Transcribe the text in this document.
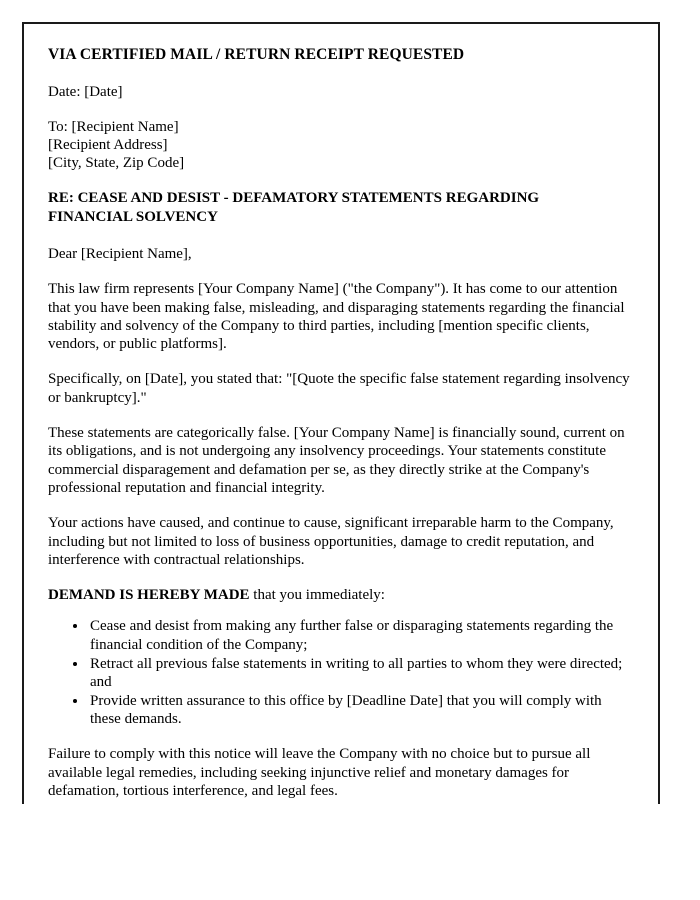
VIA CERTIFIED MAIL / RETURN RECEIPT REQUESTED
Date: [Date]
To: [Recipient Name]
[Recipient Address]
[City, State, Zip Code]
RE: CEASE AND DESIST - DEFAMATORY STATEMENTS REGARDING FINANCIAL SOLVENCY
Dear [Recipient Name],
This law firm represents [Your Company Name] ("the Company"). It has come to our attention that you have been making false, misleading, and disparaging statements regarding the financial stability and solvency of the Company to third parties, including [mention specific clients, vendors, or public platforms].
Specifically, on [Date], you stated that: "[Quote the specific false statement regarding insolvency or bankruptcy]."
These statements are categorically false. [Your Company Name] is financially sound, current on its obligations, and is not undergoing any insolvency proceedings. Your statements constitute commercial disparagement and defamation per se, as they directly strike at the Company's professional reputation and financial integrity.
Your actions have caused, and continue to cause, significant irreparable harm to the Company, including but not limited to loss of business opportunities, damage to credit reputation, and interference with contractual relationships.
DEMAND IS HEREBY MADE that you immediately:
• Cease and desist from making any further false or disparaging statements regarding the financial condition of the Company;
• Retract all previous false statements in writing to all parties to whom they were directed; and
• Provide written assurance to this office by [Deadline Date] that you will comply with these demands.
Failure to comply with this notice will leave the Company with no choice but to pursue all available legal remedies, including seeking injunctive relief and monetary damages for defamation, tortious interference, and legal fees.
